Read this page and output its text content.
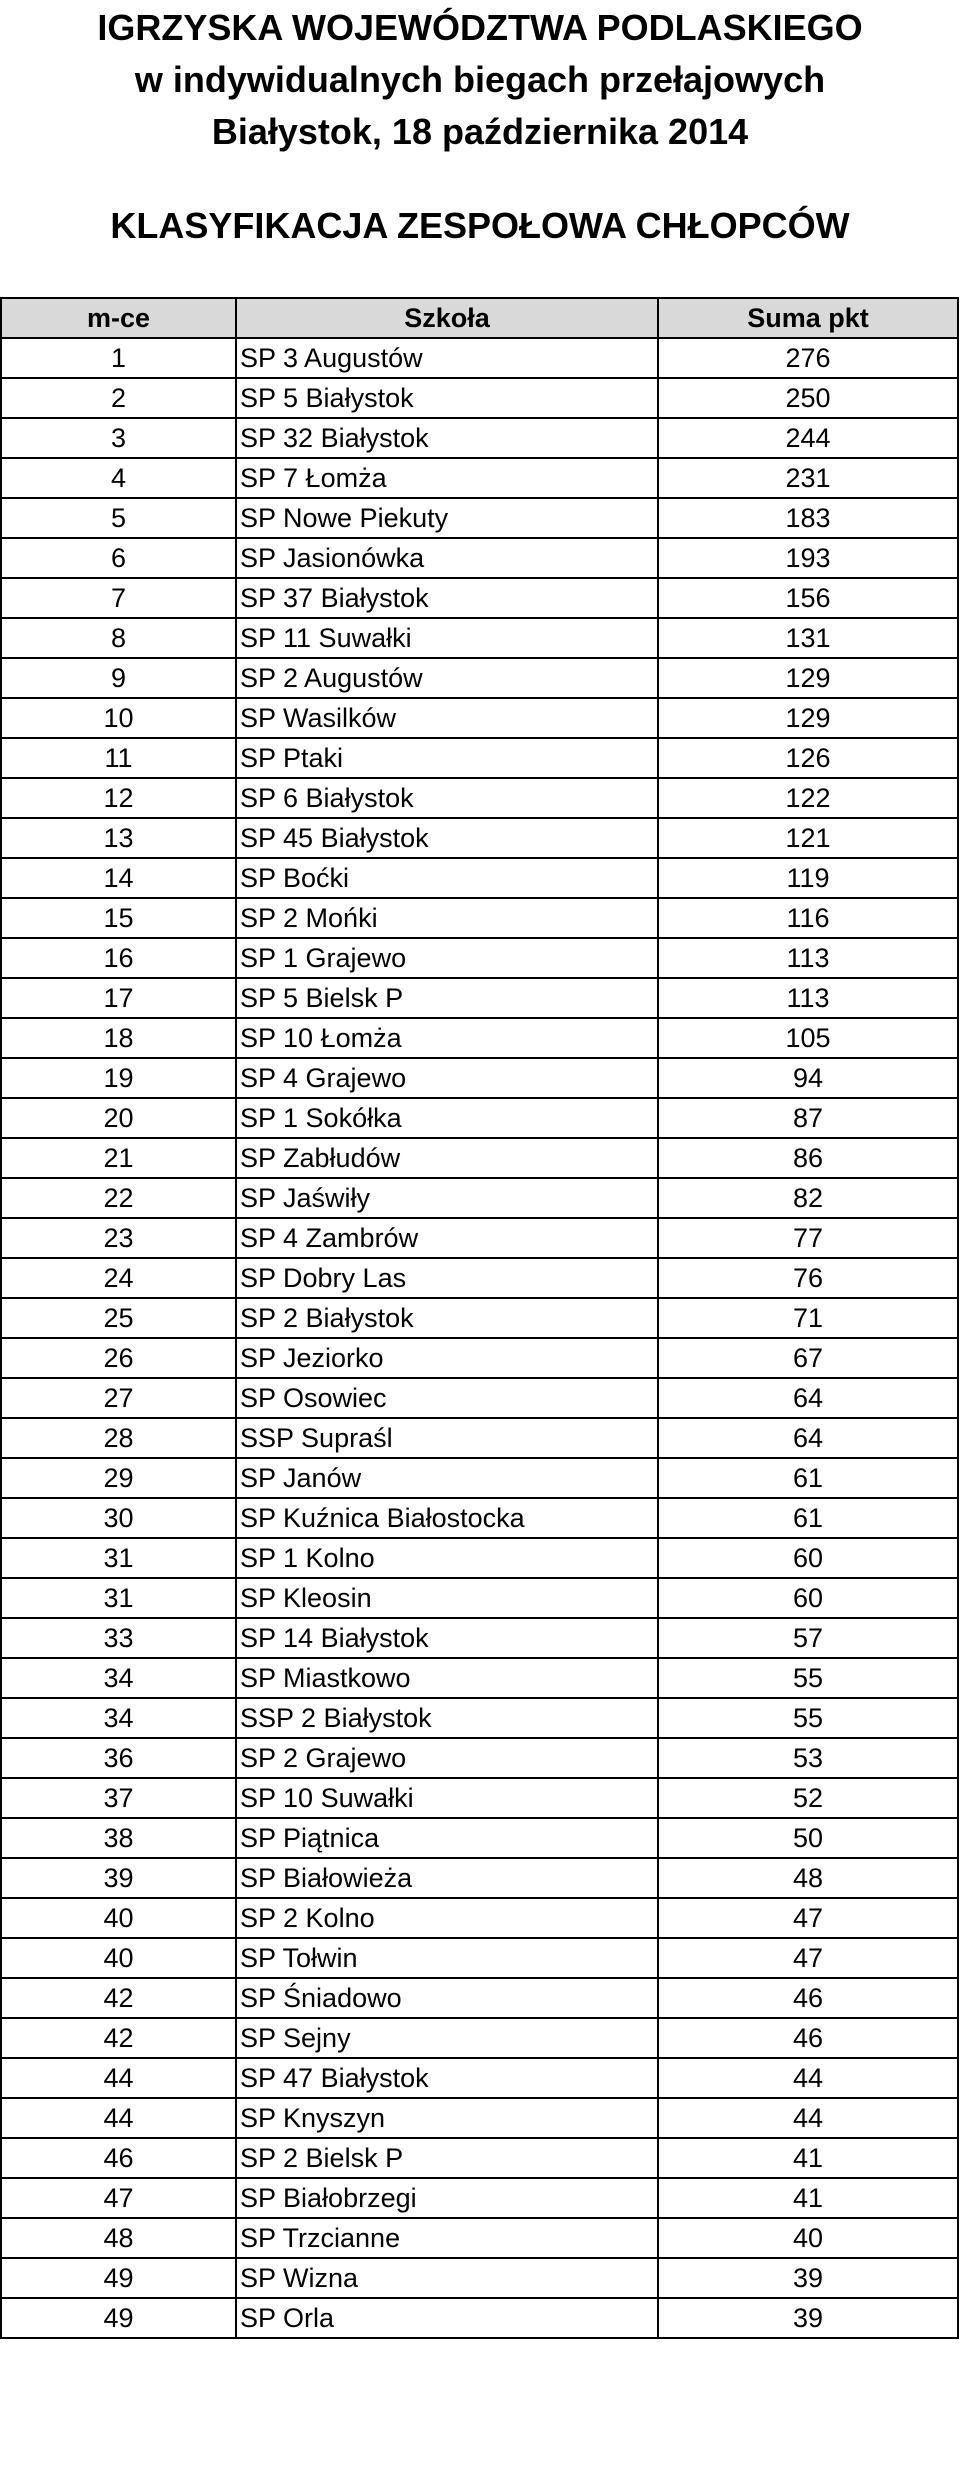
IGRZYSKA WOJEWÓDZTWA PODLASKIEGO
w indywidualnych biegach przełajowych
Białystok, 18 października 2014
KLASYFIKACJA ZESPOŁOWA CHŁOPCÓW
m-ce	Szkoła	Suma pkt
1	SP 3 Augustów	276
2	SP 5 Białystok	250
3	SP 32 Białystok	244
4	SP 7 Łomża	231
5	SP Nowe Piekuty	183
6	SP Jasionówka	193
7	SP 37 Białystok	156
8	SP 11 Suwałki	131
9	SP 2 Augustów	129
10	SP Wasilków	129
11	SP Ptaki	126
12	SP 6 Białystok	122
13	SP 45 Białystok	121
14	SP Boćki	119
15	SP 2 Mońki	116
16	SP 1 Grajewo	113
17	SP 5 Bielsk P	113
18	SP 10 Łomża	105
19	SP 4 Grajewo	94
20	SP 1 Sokółka	87
21	SP Zabłudów	86
22	SP Jaświły	82
23	SP 4 Zambrów	77
24	SP Dobry Las	76
25	SP 2 Białystok	71
26	SP Jeziorko	67
27	SP Osowiec	64
28	SSP Supraśl	64
29	SP Janów	61
30	SP Kuźnica Białostocka	61
31	SP 1 Kolno	60
31	SP Kleosin	60
33	SP 14 Białystok	57
34	SP Miastkowo	55
34	SSP 2 Białystok	55
36	SP 2 Grajewo	53
37	SP 10 Suwałki	52
38	SP Piątnica	50
39	SP Białowieża	48
40	SP 2 Kolno	47
40	SP Tołwin	47
42	SP Śniadowo	46
42	SP Sejny	46
44	SP 47 Białystok	44
44	SP Knyszyn	44
46	SP 2 Bielsk P	41
47	SP Białobrzegi	41
48	SP Trzcianne	40
49	SP Wizna	39
49	SP Orla	39
